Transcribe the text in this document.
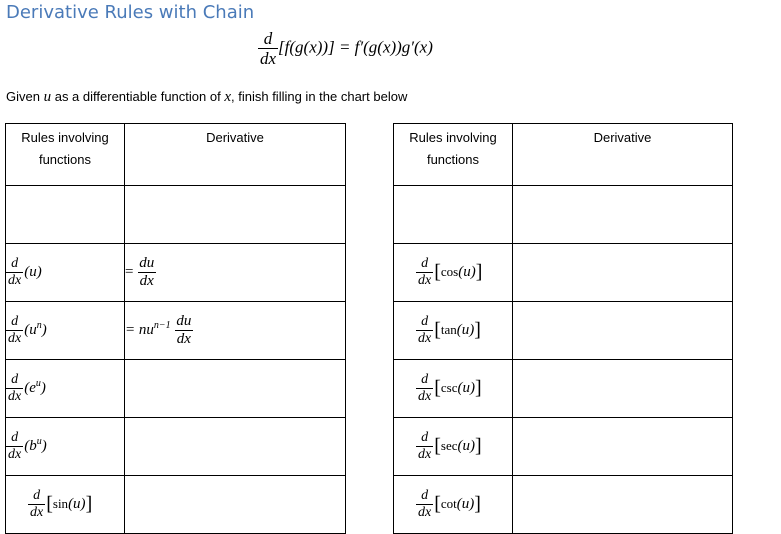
Derivative Rules with Chain
$\frac{d}{dx} [f(g(x))] = f'(g(x))g'(x)$
Given u as a differentiable function of x, finish filling in the chart below
Rules involving
functions	Derivative

$\frac{d}{dx} (u)$	= $\frac{du}{dx}$

$\frac{d}{dx} (u^n)$	= $nu^{n-1} \frac{du}{dx}$

$\frac{d}{dx} (e^u)$	

$\frac{d}{dx} (b^u)$	

$\frac{d}{dx} [\sin(u)]$	
Rules involving
functions	Derivative

$\frac{d}{dx} [\cos(u)]$	

$\frac{d}{dx} [\tan(u)]$	

$\frac{d}{dx} [\csc(u)]$	

$\frac{d}{dx} [\sec(u)]$	

$\frac{d}{dx} [\cot(u)]$	
